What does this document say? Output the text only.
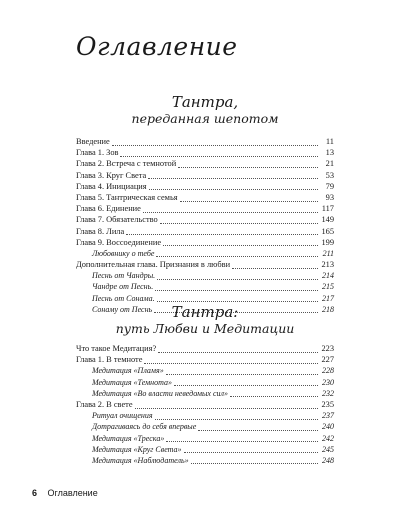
Оглавление
Тантра,
переданная шепотом
Введение	11
Глава 1. Зов	13
Глава 2. Встреча с темнотой	21
Глава 3. Круг Света	53
Глава 4. Инициация	79
Глава 5. Тантрическая семья	93
Глава 6. Единение	117
Глава 7. Обязательство	149
Глава 8. Лила	165
Глава 9. Воссоединение	199
Любовнику о тебе	211
Дополнительная глава. Признания в любви	213
Песнь от Чандры.	214
Чандре от Песнь.	215
Песнь от Сонама.	217
Сонаму от Песнь	218
Тантра:
путь Любви и Медитации
Что такое Медитация?	223
Глава 1. В темноте	227
Медитация «Пламя»	228
Медитация «Темнота»	230
Медитация «Во власти неведомых сил»	232
Глава 2. В свете	235
Ритуал очищения	237
Дотрагиваясь до себя впервые	240
Медитация «Треска»	242
Медитация «Круг Света»	245
Медитация «Наблюдатель»	248
6 Оглавление
